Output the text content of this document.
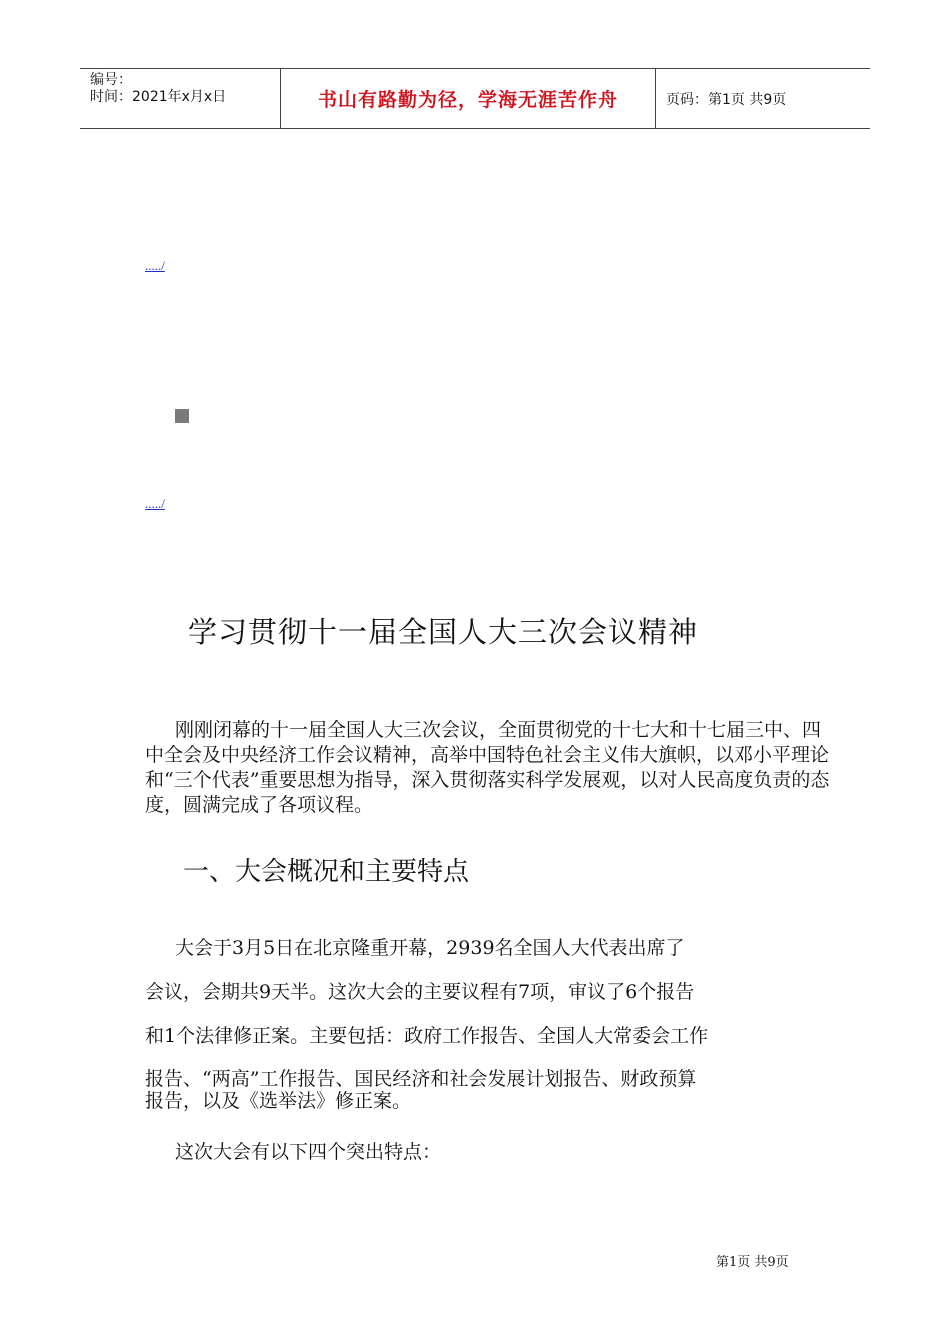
编号：
时间：2021年x月x日	书山有路勤为径，学海无涯苦作舟	页码：第1页 共9页
...../
...../
学习贯彻十一届全国人大三次会议精神
刚刚闭幕的十一届全国人大三次会议，全面贯彻党的十七大和十七届三中、四中全会及中央经济工作会议精神，高举中国特色社会主义伟大旗帜，以邓小平理论和“三个代表”重要思想为指导，深入贯彻落实科学发展观，以对人民高度负责的态度，圆满完成了各项议程。
一、大会概况和主要特点
大会于3月5日在北京隆重开幕，2939名全国人大代表出席了
会议，会期共9天半。这次大会的主要议程有7项，审议了6个报告
和1个法律修正案。主要包括：政府工作报告、全国人大常委会工作
报告、“两高”工作报告、国民经济和社会发展计划报告、财政预算
报告，以及《选举法》修正案。
这次大会有以下四个突出特点：
第1页 共9页
